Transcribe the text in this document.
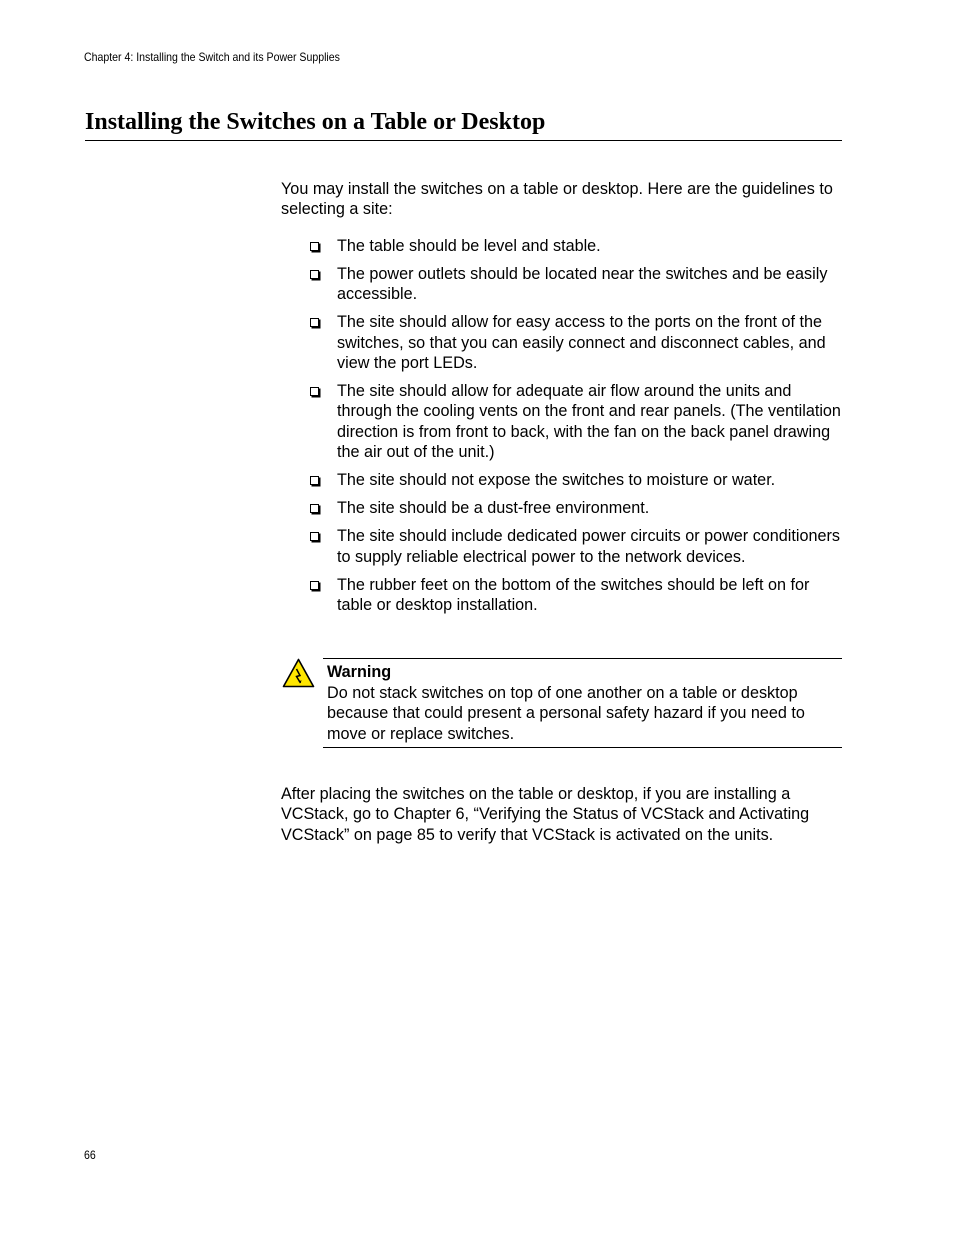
Chapter 4: Installing the Switch and its Power Supplies
Installing the Switches on a Table or Desktop

You may install the switches on a table or desktop. Here are the guidelines to selecting a site:

The table should be level and stable.
The power outlets should be located near the switches and be easily accessible.
The site should allow for easy access to the ports on the front of the switches, so that you can easily connect and disconnect cables, and view the port LEDs.
The site should allow for adequate air flow around the units and through the cooling vents on the front and rear panels. (The ventilation direction is from front to back, with the fan on the back panel drawing the air out of the unit.)
The site should not expose the switches to moisture or water.
The site should be a dust-free environment.
The site should include dedicated power circuits or power conditioners to supply reliable electrical power to the network devices.
The rubber feet on the bottom of the switches should be left on for table or desktop installation.
Warning
Do not stack switches on top of one another on a table or desktop because that could present a personal safety hazard if you need to move or replace switches.

After placing the switches on the table or desktop, if you are installing a VCStack, go to Chapter 6, “Verifying the Status of VCStack and Activating VCStack” on page 85 to verify that VCStack is activated on the units.

66
